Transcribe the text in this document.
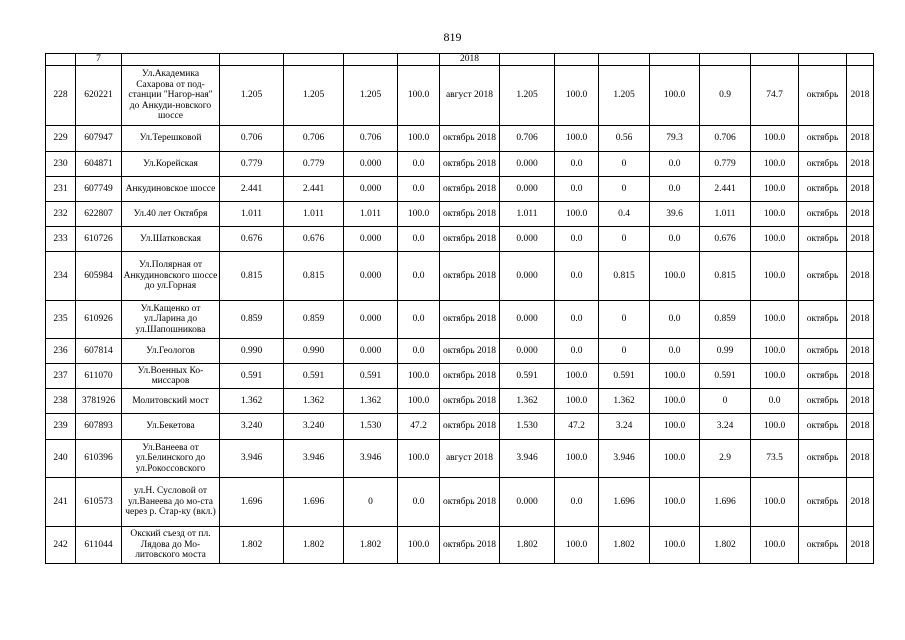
819
	7						2018								
228	620221	Ул.Академика Сахарова от под-станции "Нагор-ная" до Анкуди-новского шоссе	1.205	1.205	1.205	100.0	август 2018	1.205	100.0	1.205	100.0	0.9	74.7	октябрь	2018
229	607947	Ул.Терешковой	0.706	0.706	0.706	100.0	октябрь 2018	0.706	100.0	0.56	79.3	0.706	100.0	октябрь	2018
230	604871	Ул.Корейская	0.779	0.779	0.000	0.0	октябрь 2018	0.000	0.0	0	0.0	0.779	100.0	октябрь	2018
231	607749	Анкудиновское шоссе	2.441	2.441	0.000	0.0	октябрь 2018	0.000	0.0	0	0.0	2.441	100.0	октябрь	2018
232	622807	Ул.40 лет Октября	1.011	1.011	1.011	100.0	октябрь 2018	1.011	100.0	0.4	39.6	1.011	100.0	октябрь	2018
233	610726	Ул.Шатковская	0.676	0.676	0.000	0.0	октябрь 2018	0.000	0.0	0	0.0	0.676	100.0	октябрь	2018
234	605984	Ул.Полярная от Анкудиновского шоссе до ул.Горная	0.815	0.815	0.000	0.0	октябрь 2018	0.000	0.0	0.815	100.0	0.815	100.0	октябрь	2018
235	610926	Ул.Кащенко от ул.Ларина до ул.Шапошникова	0.859	0.859	0.000	0.0	октябрь 2018	0.000	0.0	0	0.0	0.859	100.0	октябрь	2018
236	607814	Ул.Геологов	0.990	0.990	0.000	0.0	октябрь 2018	0.000	0.0	0	0.0	0.99	100.0	октябрь	2018
237	611070	Ул.Военных Ко-миссаров	0.591	0.591	0.591	100.0	октябрь 2018	0.591	100.0	0.591	100.0	0.591	100.0	октябрь	2018
238	3781926	Молитовский мост	1.362	1.362	1.362	100.0	октябрь 2018	1.362	100.0	1.362	100.0	0	0.0	октябрь	2018
239	607893	Ул.Бекетова	3.240	3.240	1.530	47.2	октябрь 2018	1.530	47.2	3.24	100.0	3.24	100.0	октябрь	2018
240	610396	Ул.Ванеева от ул.Белинского до ул.Рокоссовского	3.946	3.946	3.946	100.0	август 2018	3.946	100.0	3.946	100.0	2.9	73.5	октябрь	2018
241	610573	ул.Н. Сусловой от ул.Ванеева до мо-ста через р. Стар-ку (вкл.)	1.696	1.696	0	0.0	октябрь 2018	0.000	0.0	1.696	100.0	1.696	100.0	октябрь	2018
242	611044	Окский съезд от пл. Лядова до Мо-литовского моста	1.802	1.802	1.802	100.0	октябрь 2018	1.802	100.0	1.802	100.0	1.802	100.0	октябрь	2018
